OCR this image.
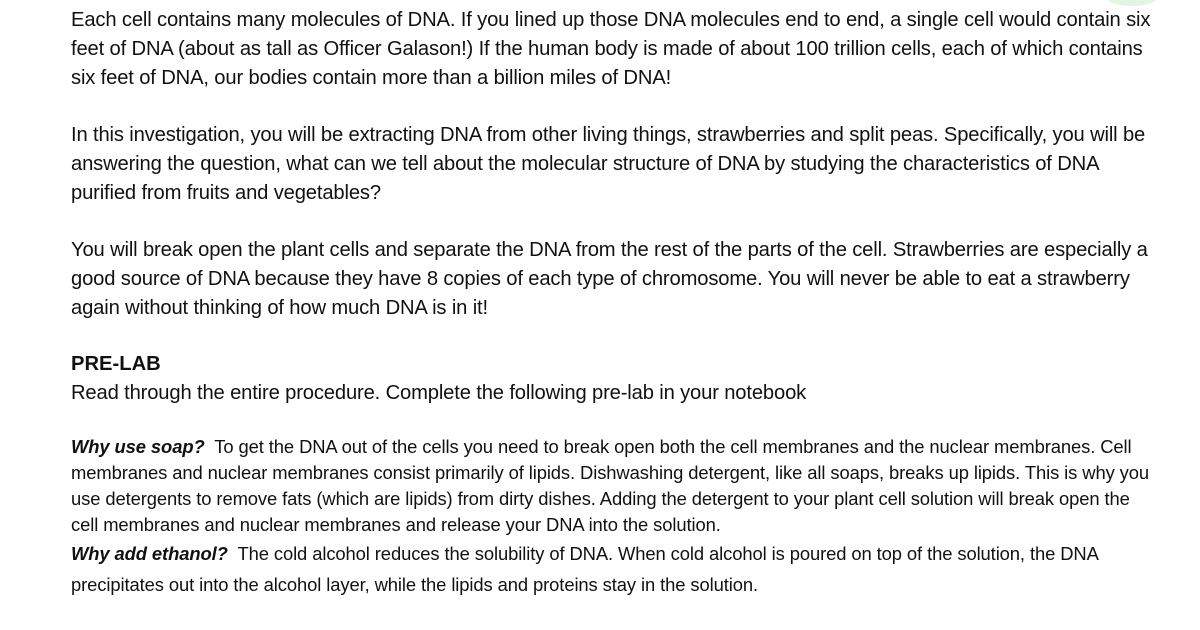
Each cell contains many molecules of DNA. If you lined up those DNA molecules end to end, a single cell would contain six feet of DNA (about as tall as Officer Galason!) If the human body is made of about 100 trillion cells, each of which contains six feet of DNA, our bodies contain more than a billion miles of DNA!

In this investigation, you will be extracting DNA from other living things, strawberries and split peas. Specifically, you will be answering the question, what can we tell about the molecular structure of DNA by studying the characteristics of DNA purified from fruits and vegetables?

You will break open the plant cells and separate the DNA from the rest of the parts of the cell. Strawberries are especially a good source of DNA because they have 8 copies of each type of chromosome. You will never be able to eat a strawberry again without thinking of how much DNA is in it!

PRE-LAB

Read through the entire procedure. Complete the following pre-lab in your notebook

Why use soap? To get the DNA out of the cells you need to break open both the cell membranes and the nuclear membranes. Cell membranes and nuclear membranes consist primarily of lipids. Dishwashing detergent, like all soaps, breaks up lipids. This is why you use detergents to remove fats (which are lipids) from dirty dishes. Adding the detergent to your plant cell solution will break open the cell membranes and nuclear membranes and release your DNA into the solution.

Why add ethanol? The cold alcohol reduces the solubility of DNA. When cold alcohol is poured on top of the solution, the DNA precipitates out into the alcohol layer, while the lipids and proteins stay in the solution.
